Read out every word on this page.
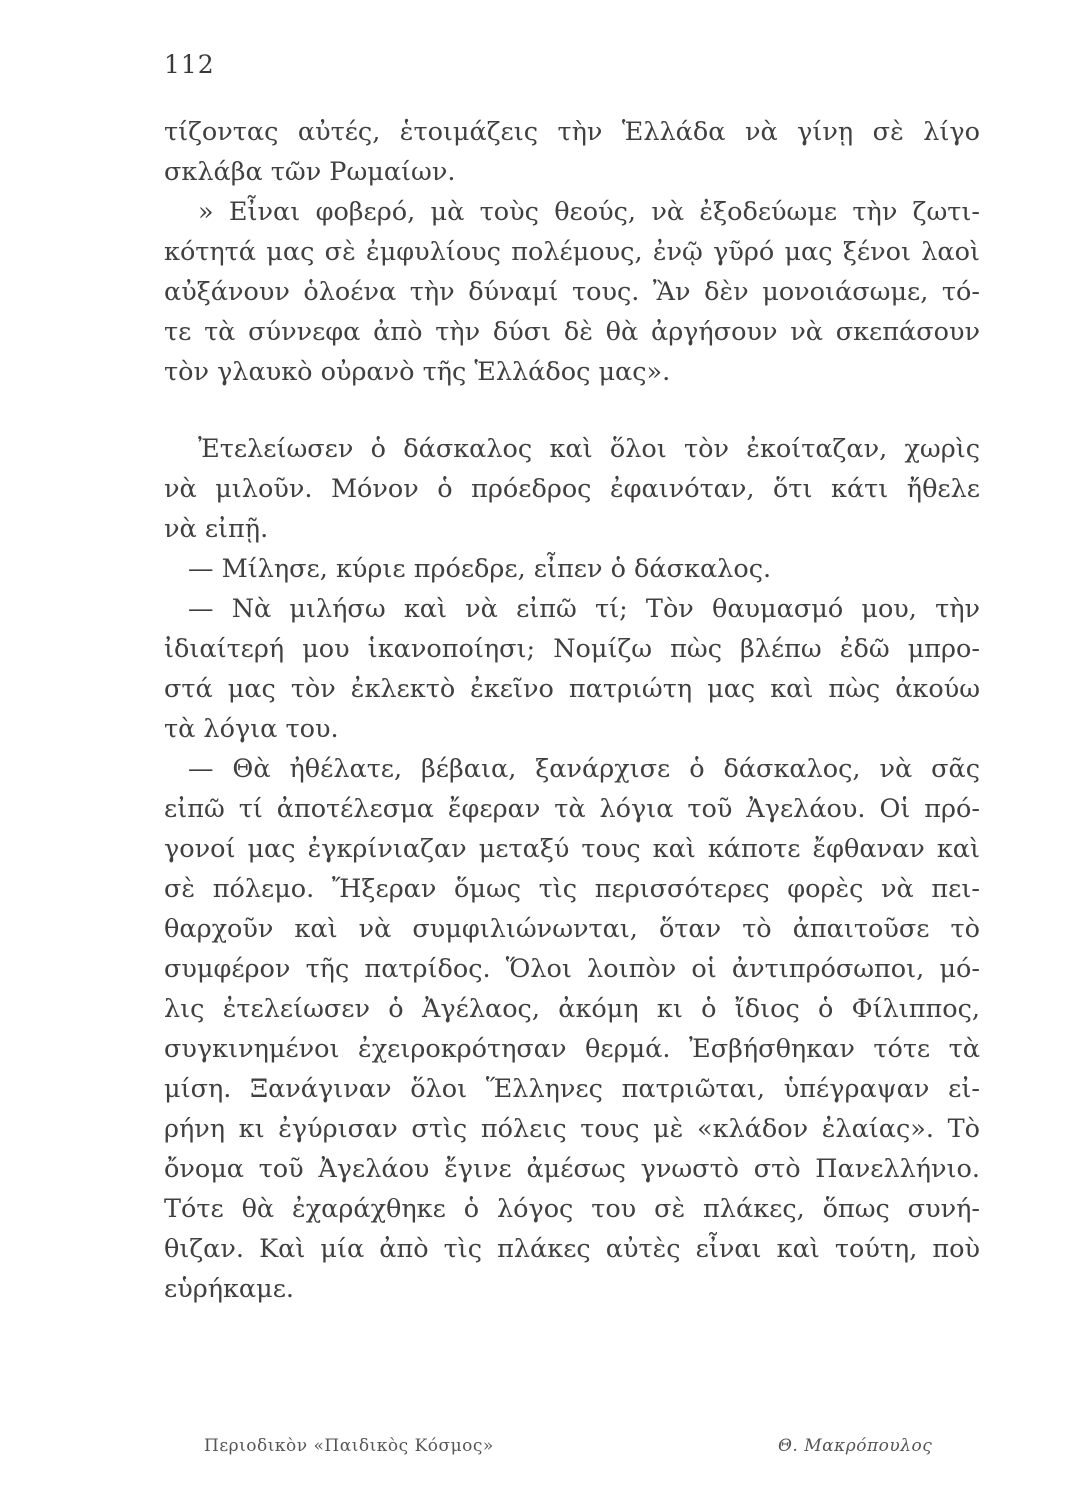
112
τίζοντας αὐτές, ἑτοιμάζεις τὴν Ἑλλάδα νὰ γίνῃ σὲ λίγο
σκλάβα τῶν Ρωμαίων.
» Εἶναι φοβερό, μὰ τοὺς θεούς, νὰ ἐξοδεύωμε τὴν ζωτι-
κότητά μας σὲ ἐμφυλίους πολέμους, ἐνῷ γῦρό μας ξένοι λαοὶ
αὐξάνουν ὁλοένα τὴν δύναμί τους. Ἂν δὲν μονοιάσωμε, τό-
τε τὰ σύννεφα ἀπὸ τὴν δύσι δὲ θὰ ἀργήσουν νὰ σκεπάσουν
τὸν γλαυκὸ οὐρανὸ τῆς Ἑλλάδος μας».
Ἐτελείωσεν ὁ δάσκαλος καὶ ὅλοι τὸν ἐκοίταζαν, χωρὶς
νὰ μιλοῦν. Μόνον ὁ πρόεδρος ἐφαινόταν, ὅτι κάτι ἤθελε
νὰ εἰπῇ.
— Μίλησε, κύριε πρόεδρε, εἶπεν ὁ δάσκαλος.
— Νὰ μιλήσω καὶ νὰ εἰπῶ τί; Τὸν θαυμασμό μου, τὴν
ἰδιαίτερή μου ἱκανοποίησι; Νομίζω πὼς βλέπω ἐδῶ μπρο-
στά μας τὸν ἐκλεκτὸ ἐκεῖνο πατριώτη μας καὶ πὼς ἀκούω
τὰ λόγια του.
— Θὰ ἠθέλατε, βέβαια, ξανάρχισε ὁ δάσκαλος, νὰ σᾶς
εἰπῶ τί ἀποτέλεσμα ἔφεραν τὰ λόγια τοῦ Ἀγελάου. Οἱ πρό-
γονοί μας ἐγκρίνιαζαν μεταξύ τους καὶ κάποτε ἔφθαναν καὶ
σὲ πόλεμο. Ἤξεραν ὅμως τὶς περισσότερες φορὲς νὰ πει-
θαρχοῦν καὶ νὰ συμφιλιώνωνται, ὅταν τὸ ἀπαιτοῦσε τὸ
συμφέρον τῆς πατρίδος. Ὅλοι λοιπὸν οἱ ἀντιπρόσωποι, μό-
λις ἐτελείωσεν ὁ Ἀγέλαος, ἀκόμη κι ὁ ἴδιος ὁ Φίλιππος,
συγκινημένοι ἐχειροκρότησαν θερμά. Ἐσβήσθηκαν τότε τὰ
μίση. Ξανάγιναν ὅλοι Ἕλληνες πατριῶται, ὑπέγραψαν εἰ-
ρήνη κι ἐγύρισαν στὶς πόλεις τους μὲ «κλάδον ἐλαίας». Τὸ
ὄνομα τοῦ Ἀγελάου ἔγινε ἀμέσως γνωστὸ στὸ Πανελλήνιο.
Τότε θὰ ἐχαράχθηκε ὁ λόγος του σὲ πλάκες, ὅπως συνή-
θιζαν. Καὶ μία ἀπὸ τὶς πλάκες αὐτὲς εἶναι καὶ τούτη, ποὺ
εὑρήκαμε.
Περιοδικὸν «Παιδικὸς Κόσμος»	Θ. Μακρόπουλος
